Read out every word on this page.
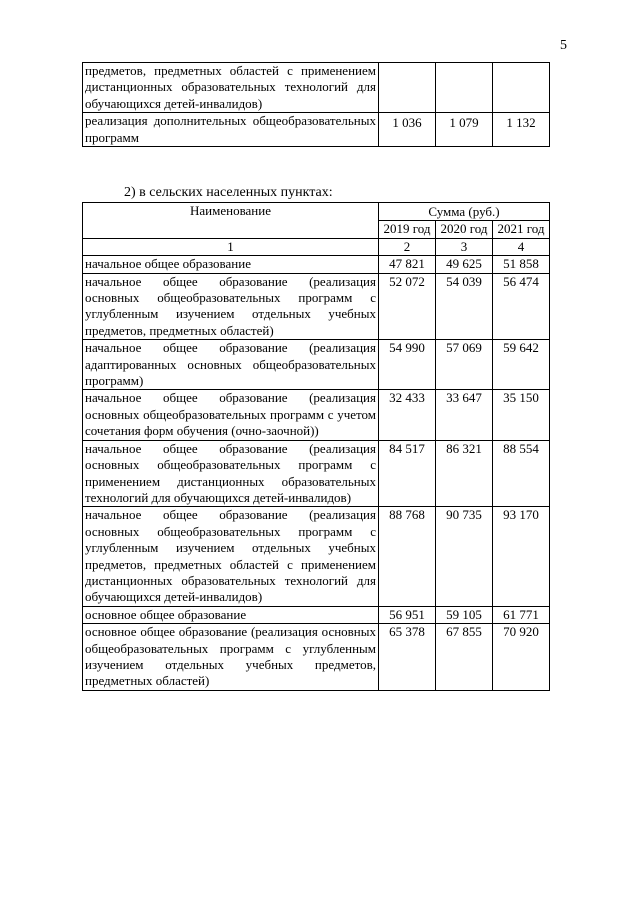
5
предметов, предметных областей с применением дистанционных образовательных технологий для обучающихся детей-инвалидов)			
реализация дополнительных общеобразовательных программ	1 036	1 079	1 132
2) в сельских населенных пунктах:
Наименование	Сумма (руб.)		
	2019 год	2020 год	2021 год
1	2	3	4
начальное общее образование	47 821	49 625	51 858
начальное общее образование (реализация основных общеобразовательных программ с углубленным изучением отдельных учебных предметов, предметных областей)	52 072	54 039	56 474
начальное общее образование (реализация адаптированных основных общеобразовательных программ)	54 990	57 069	59 642
начальное общее образование (реализация основных общеобразовательных программ с учетом сочетания форм обучения (очно-заочной))	32 433	33 647	35 150
начальное общее образование (реализация основных общеобразовательных программ с применением дистанционных образовательных технологий для обучающихся детей-инвалидов)	84 517	86 321	88 554
начальное общее образование (реализация основных общеобразовательных программ с углубленным изучением отдельных учебных предметов, предметных областей с применением дистанционных образовательных технологий для обучающихся детей-инвалидов)	88 768	90 735	93 170
основное общее образование	56 951	59 105	61 771
основное общее образование (реализация основных общеобразовательных программ с углубленным изучением отдельных учебных предметов, предметных областей)	65 378	67 855	70 920
